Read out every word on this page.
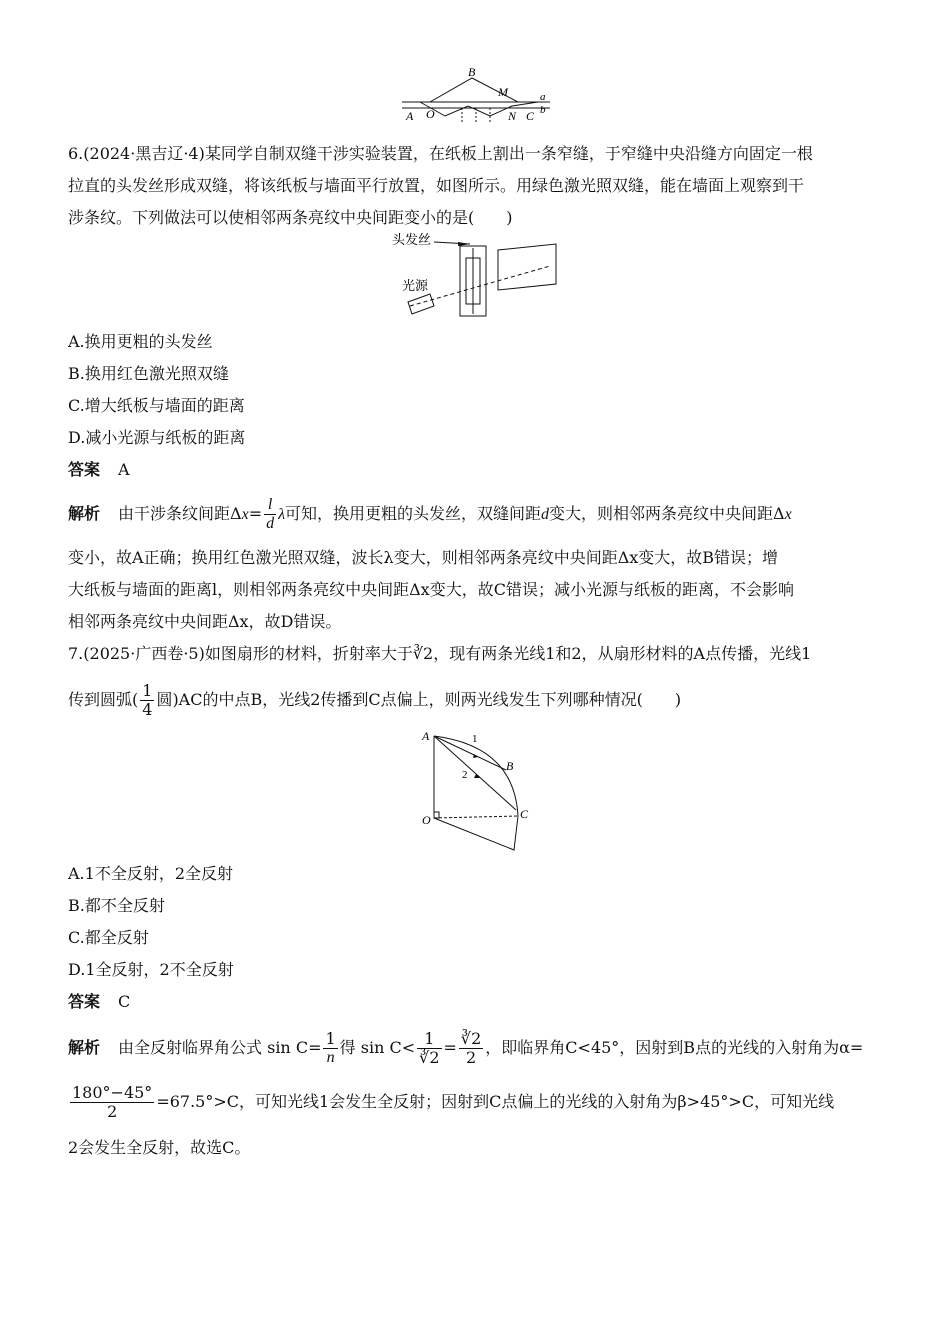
B
M	a
b
A O	N C
6.(2024·黑吉辽·4)某同学自制双缝干涉实验装置，在纸板上割出一条窄缝，于窄缝中央沿缝方向固定一根
拉直的头发丝形成双缝，将该纸板与墙面平行放置，如图所示。用绿色激光照双缝，能在墙面上观察到干
涉条纹。下列做法可以使相邻两条亮纹中央间距变小的是(　　)
头发丝
光源
A.换用更粗的头发丝
B.换用红色激光照双缝
C.增大纸板与墙面的距离
D.减小光源与纸板的距离
答案 A
解析 由干涉条纹间距$\Delta x= \frac{l}{d}$ λ可知，换用更粗的头发丝，双缝间距d变大，则相邻两条亮纹中央间距Δx
变小，故A正确；换用红色激光照双缝，波长λ变大，则相邻两条亮纹中央间距Δx变大，故B错误；增
大纸板与墙面的距离l，则相邻两条亮纹中央间距Δx变大，故C错误；减小光源与纸板的距离，不会影响
相邻两条亮纹中央间距Δx，故D错误。
7.(2025·广西卷·5)如图扇形的材料，折射率大于∛2，现有两条光线1和2，从扇形材料的A点传播，光线1
传到圆弧( $\frac{1}{4}$ 圆)AC的中点B，光线2传播到C点偏上，则两光线发生下列哪种情况(　　)
A	1
2
B
C
O
A.1不全反射，2全反射
B.都不全反射
C.都全反射
D.1全反射，2不全反射
答案 C
解析 由全反射临界角公式 $\sin C= \frac{1}{n}$ 得 $\sin C< \frac{1}{∛2} = \frac{∛2}{2}$ ，即临界角C<45°，因射到B点的光线的入射角为α=
$\frac{180^\circ-45^\circ}{2} =67.5^\circ>C$，可知光线1会发生全反射；因射到C点偏上的光线的入射角为β>45°>C，可知光线
2会发生全反射，故选C。
